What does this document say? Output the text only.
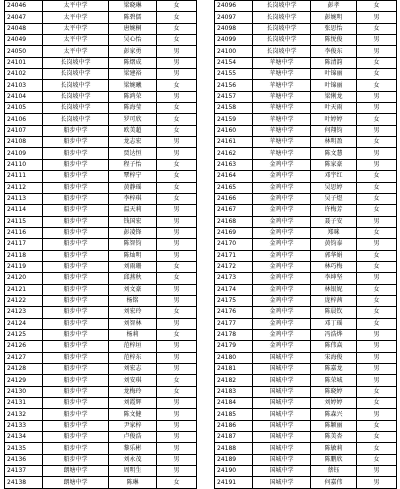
24046	太平中学	梁晓琳	女
24047	太平中学	陈碧儒	女
24048	太平中学	唐婉桐	女
24049	太平中学	吴心怡	女
24050	太平中学	彭家勇	男
24101	长岗坡中学	陈熠成	男
24102	长岗坡中学	梁建裕	男
24103	长岗坡中学	梁婉曦	女
24104	长岗坡中学	陈鸿荣	男
24105	长岗坡中学	陈海莹	女
24106	长岗坡中学	罗可欣	女
24107	船步中学	欧美超	女
24108	船步中学	龙志宏	男
24109	船步中学	贾达恒	男
24110	船步中学	程子怡	女
24111	船步中学	覃梓宁	女
24112	船步中学	黄静瑶	女
24113	船步中学	李梓琪	女
24114	船步中学	温天莉	男
24115	船步中学	钱国宏	男
24116	船步中学	彭凌锋	男
24117	船步中学	陈智钧	男
24118	船步中学	陈灿明	男
24119	船步中学	刘雨珊	女
24120	船步中学	邱燕秋	女
24121	船步中学	刘文豪	男
24122	船步中学	杨铭	男
24123	船步中学	刘宏玲	女
24124	船步中学	刘智林	男
24125	船步中学	杨莉	女
24126	船步中学	范梓垣	男
24127	船步中学	范梓东	男
24128	船步中学	刘宏志	男
24129	船步中学	刘安琪	女
24130	船步中学	龙梅玲	女
24131	船步中学	刘霞辉	男
24132	船步中学	陈文健	男
24133	船步中学	尹家梓	男
24134	船步中学	卢俊浩	男
24135	船步中学	黎乐彬	男
24136	船步中学	刘永茂	男
24137	朗塘中学	周明生	男
24138	朗塘中学	陈琳	女
24096	长岗坡中学	彭孝	女
24097	长岗坡中学	彭婉明	男
24098	长岗坡中学	张思怡	女
24099	长岗坡中学	陈悦俊	男
24100	长岗坡中学	李俊东	男
24154	苹塘中学	陈清韵	女
24155	苹塘中学	叶锦丽	女
24156	苹塘中学	叶锦丽	女
24157	苹塘中学	梁俐龙	男
24158	苹塘中学	叶天雨	男
24159	苹塘中学	叶婷婷	女
24160	苹塘中学	何翔钧	男
24161	苹塘中学	林明盈	女
24162	苹塘中学	陈文慧	男
24163	金鸡中学	陈家豪	男
24164	金鸡中学	邓宇红	女
24165	金鸡中学	吴思婷	女
24166	金鸡中学	吴子煜	女
24167	金鸡中学	许梅芳	女
24168	金鸡中学	聂子安	男
24169	金鸡中学	郑咪	女
24170	金鸡中学	黄钧泰	男
24171	金鸡中学	郭华娟	女
24172	金鸡中学	林巧梅	女
24173	金鸡中学	李坤坚	男
24174	金鸡中学	林银妮	女
24175	金鸡中学	庞梓茜	女
24176	金鸡中学	陈晨钦	女
24177	金鸡中学	邓丁瑶	女
24178	金鸡中学	冯浩烨	男
24179	金鸡中学	陈伟焱	男
24180	国城中学	宋海俊	男
24181	国城中学	陈嘉龙	男
24182	国城中学	陈荣城	男
24183	国城中学	陈晓婷	女
24184	国城中学	刘婷婷	女
24185	国城中学	陈森兴	男
24186	国城中学	陈颖丽	女
24187	国城中学	陈美杏	女
24188	国城中学	陈敏莉	女
24189	国城中学	陈鹏欣	女
24190	国城中学	蔡钰	男
24191	国城中学	何嘉伟	男
